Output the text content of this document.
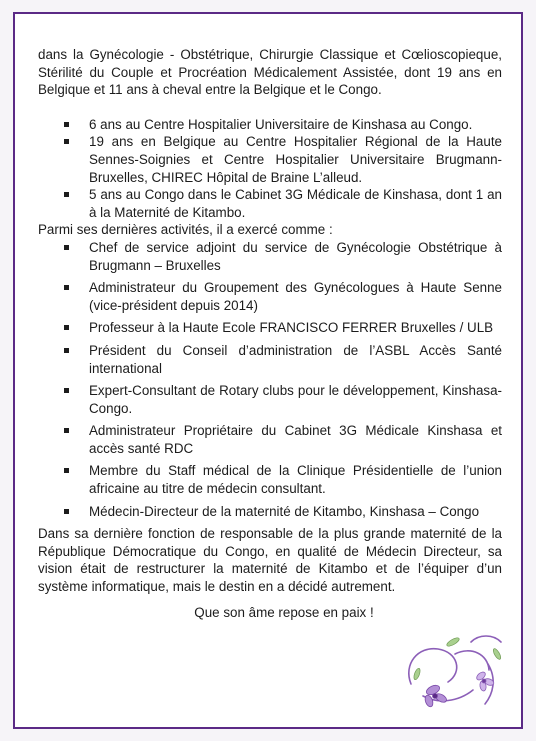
dans la Gynécologie - Obstétrique, Chirurgie Classique et Cœlioscopieque, Stérilité du Couple et Procréation Médicalement Assistée, dont 19 ans en Belgique et 11 ans à cheval entre la Belgique et le Congo.

6 ans au Centre Hospitalier Universitaire de Kinshasa au Congo.
19 ans en Belgique au Centre Hospitalier Régional de la Haute Sennes-Soignies et Centre Hospitalier Universitaire Brugmann-Bruxelles, CHIREC Hôpital de Braine L’alleud.
5 ans au Congo dans le Cabinet 3G Médicale de Kinshasa, dont 1 an à la Maternité de Kitambo.

Parmi ses dernières activités, il a exercé comme :

Chef de service adjoint du service de Gynécologie Obstétrique à Brugmann – Bruxelles
Administrateur du Groupement des Gynécologues à Haute Senne (vice-président depuis 2014)
Professeur à la Haute Ecole FRANCISCO FERRER Bruxelles / ULB
Président du Conseil d’administration de l’ASBL Accès Santé international
Expert-Consultant de Rotary clubs pour le développement, Kinshasa-Congo.
Administrateur Propriétaire du Cabinet 3G Médicale Kinshasa et accès santé RDC
Membre du Staff médical de la Clinique Présidentielle de l’union africaine au titre de médecin consultant.
Médecin-Directeur de la maternité de Kitambo, Kinshasa – Congo

Dans sa dernière fonction de responsable de la plus grande maternité de la République Démocratique du Congo, en qualité de Médecin Directeur, sa vision était de restructurer la maternité de Kitambo et de l’équiper d’un système informatique, mais le destin en a décidé autrement.

Que son âme repose en paix !
